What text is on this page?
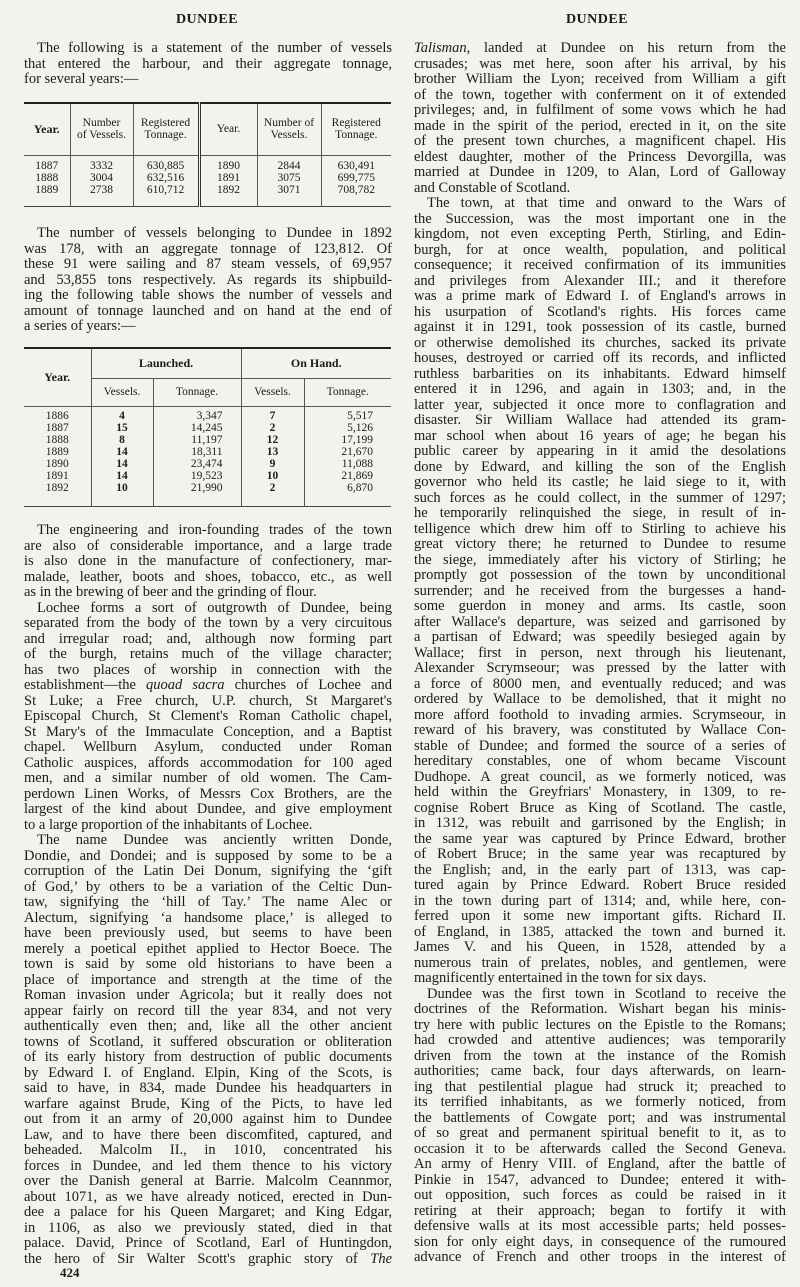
DUNDEE	DUNDEE
The following is a statement of the number of vessels
that entered the harbour, and their aggregate tonnage,
for several years:—
Year.	Number of Vessels.	Registered Tonnage.	Year.	Number of Vessels.	Registered Tonnage.
1887	3332	630,885	1890	2844	630,491
1888	3004	632,516	1891	3075	699,775
1889	2738	610,712	1892	3071	708,782

The number of vessels belonging to Dundee in 1892
was 178, with an aggregate tonnage of 123,812. Of
these 91 were sailing and 87 steam vessels, of 69,957
and 53,855 tons respectively. As regards its shipbuild-
ing the following table shows the number of vessels and
amount of tonnage launched and on hand at the end of
a series of years:—
Year.	Launched.		On Hand.	
	Vessels.	Tonnage.	Vessels.	Tonnage.
1886	4	3,347	7	5,517
1887	15	14,245	2	5,126
1888	8	11,197	12	17,199
1889	14	18,311	13	21,670
1890	14	23,474	9	11,088
1891	14	19,523	10	21,869
1892	10	21,990	2	6,870

The engineering and iron-founding trades of the town
are also of considerable importance, and a large trade
is also done in the manufacture of confectionery, mar-
malade, leather, boots and shoes, tobacco, etc., as well
as in the brewing of beer and the grinding of flour.
Lochee forms a sort of outgrowth of Dundee, being
separated from the body of the town by a very circuitous
and irregular road; and, although now forming part
of the burgh, retains much of the village character;
has two places of worship in connection with the
establishment—the quoad sacra churches of Lochee and
St Luke; a Free church, U.P. church, St Margaret's
Episcopal Church, St Clement's Roman Catholic chapel,
St Mary's of the Immaculate Conception, and a Baptist
chapel. Wellburn Asylum, conducted under Roman
Catholic auspices, affords accommodation for 100 aged
men, and a similar number of old women. The Cam-
perdown Linen Works, of Messrs Cox Brothers, are the
largest of the kind about Dundee, and give employment
to a large proportion of the inhabitants of Lochee.
The name Dundee was anciently written Donde,
Dondie, and Dondei; and is supposed by some to be a
corruption of the Latin Dei Donum, signifying the ‘gift
of God,’ by others to be a variation of the Celtic Dun-
taw, signifying the ‘hill of Tay.’ The name Alec or
Alectum, signifying ‘a handsome place,’ is alleged to
have been previously used, but seems to have been
merely a poetical epithet applied to Hector Boece. The
town is said by some old historians to have been a
place of importance and strength at the time of the
Roman invasion under Agricola; but it really does not
appear fairly on record till the year 834, and not very
authentically even then; and, like all the other ancient
towns of Scotland, it suffered obscuration or obliteration
of its early history from destruction of public documents
by Edward I. of England. Elpin, King of the Scots, is
said to have, in 834, made Dundee his headquarters in
warfare against Brude, King of the Picts, to have led
out from it an army of 20,000 against him to Dundee
Law, and to have there been discomfited, captured, and
beheaded. Malcolm II., in 1010, concentrated his
forces in Dundee, and led them thence to his victory
over the Danish general at Barrie. Malcolm Ceannmor,
about 1071, as we have already noticed, erected in Dun-
dee a palace for his Queen Margaret; and King Edgar,
in 1106, as also we previously stated, died in that
palace. David, Prince of Scotland, Earl of Huntingdon,
the hero of Sir Walter Scott's graphic story of The
424
Talisman, landed at Dundee on his return from the
crusades; was met here, soon after his arrival, by his
brother William the Lyon; received from William a gift
of the town, together with conferment on it of extended
privileges; and, in fulfilment of some vows which he had
made in the spirit of the period, erected in it, on the site
of the present town churches, a magnificent chapel. His
eldest daughter, mother of the Princess Devorgilla, was
married at Dundee in 1209, to Alan, Lord of Galloway
and Constable of Scotland.
The town, at that time and onward to the Wars of
the Succession, was the most important one in the
kingdom, not even excepting Perth, Stirling, and Edin-
burgh, for at once wealth, population, and political
consequence; it received confirmation of its immunities
and privileges from Alexander III.; and it therefore
was a prime mark of Edward I. of England's arrows in
his usurpation of Scotland's rights. His forces came
against it in 1291, took possession of its castle, burned
or otherwise demolished its churches, sacked its private
houses, destroyed or carried off its records, and inflicted
ruthless barbarities on its inhabitants. Edward himself
entered it in 1296, and again in 1303; and, in the
latter year, subjected it once more to conflagration and
disaster. Sir William Wallace had attended its gram-
mar school when about 16 years of age; he began his
public career by appearing in it amid the desolations
done by Edward, and killing the son of the English
governor who held its castle; he laid siege to it, with
such forces as he could collect, in the summer of 1297;
he temporarily relinquished the siege, in result of in-
telligence which drew him off to Stirling to achieve his
great victory there; he returned to Dundee to resume
the siege, immediately after his victory of Stirling; he
promptly got possession of the town by unconditional
surrender; and he received from the burgesses a hand-
some guerdon in money and arms. Its castle, soon
after Wallace's departure, was seized and garrisoned by
a partisan of Edward; was speedily besieged again by
Wallace; first in person, next through his lieutenant,
Alexander Scrymseour; was pressed by the latter with
a force of 8000 men, and eventually reduced; and was
ordered by Wallace to be demolished, that it might no
more afford foothold to invading armies. Scrymseour, in
reward of his bravery, was constituted by Wallace Con-
stable of Dundee; and formed the source of a series of
hereditary constables, one of whom became Viscount
Dudhope. A great council, as we formerly noticed, was
held within the Greyfriars' Monastery, in 1309, to re-
cognise Robert Bruce as King of Scotland. The castle,
in 1312, was rebuilt and garrisoned by the English; in
the same year was captured by Prince Edward, brother
of Robert Bruce; in the same year was recaptured by
the English; and, in the early part of 1313, was cap-
tured again by Prince Edward. Robert Bruce resided
in the town during part of 1314; and, while here, con-
ferred upon it some new important gifts. Richard II.
of England, in 1385, attacked the town and burned it.
James V. and his Queen, in 1528, attended by a
numerous train of prelates, nobles, and gentlemen, were
magnificently entertained in the town for six days.
Dundee was the first town in Scotland to receive the
doctrines of the Reformation. Wishart began his minis-
try here with public lectures on the Epistle to the Romans;
had crowded and attentive audiences; was temporarily
driven from the town at the instance of the Romish
authorities; came back, four days afterwards, on learn-
ing that pestilential plague had struck it; preached to
its terrified inhabitants, as we formerly noticed, from
the battlements of Cowgate port; and was instrumental
of so great and permanent spiritual benefit to it, as to
occasion it to be afterwards called the Second Geneva.
An army of Henry VIII. of England, after the battle of
Pinkie in 1547, advanced to Dundee; entered it with-
out opposition, such forces as could be raised in it
retiring at their approach; began to fortify it with
defensive walls at its most accessible parts; held posses-
sion for only eight days, in consequence of the rumoured
advance of French and other troops in the interest of
